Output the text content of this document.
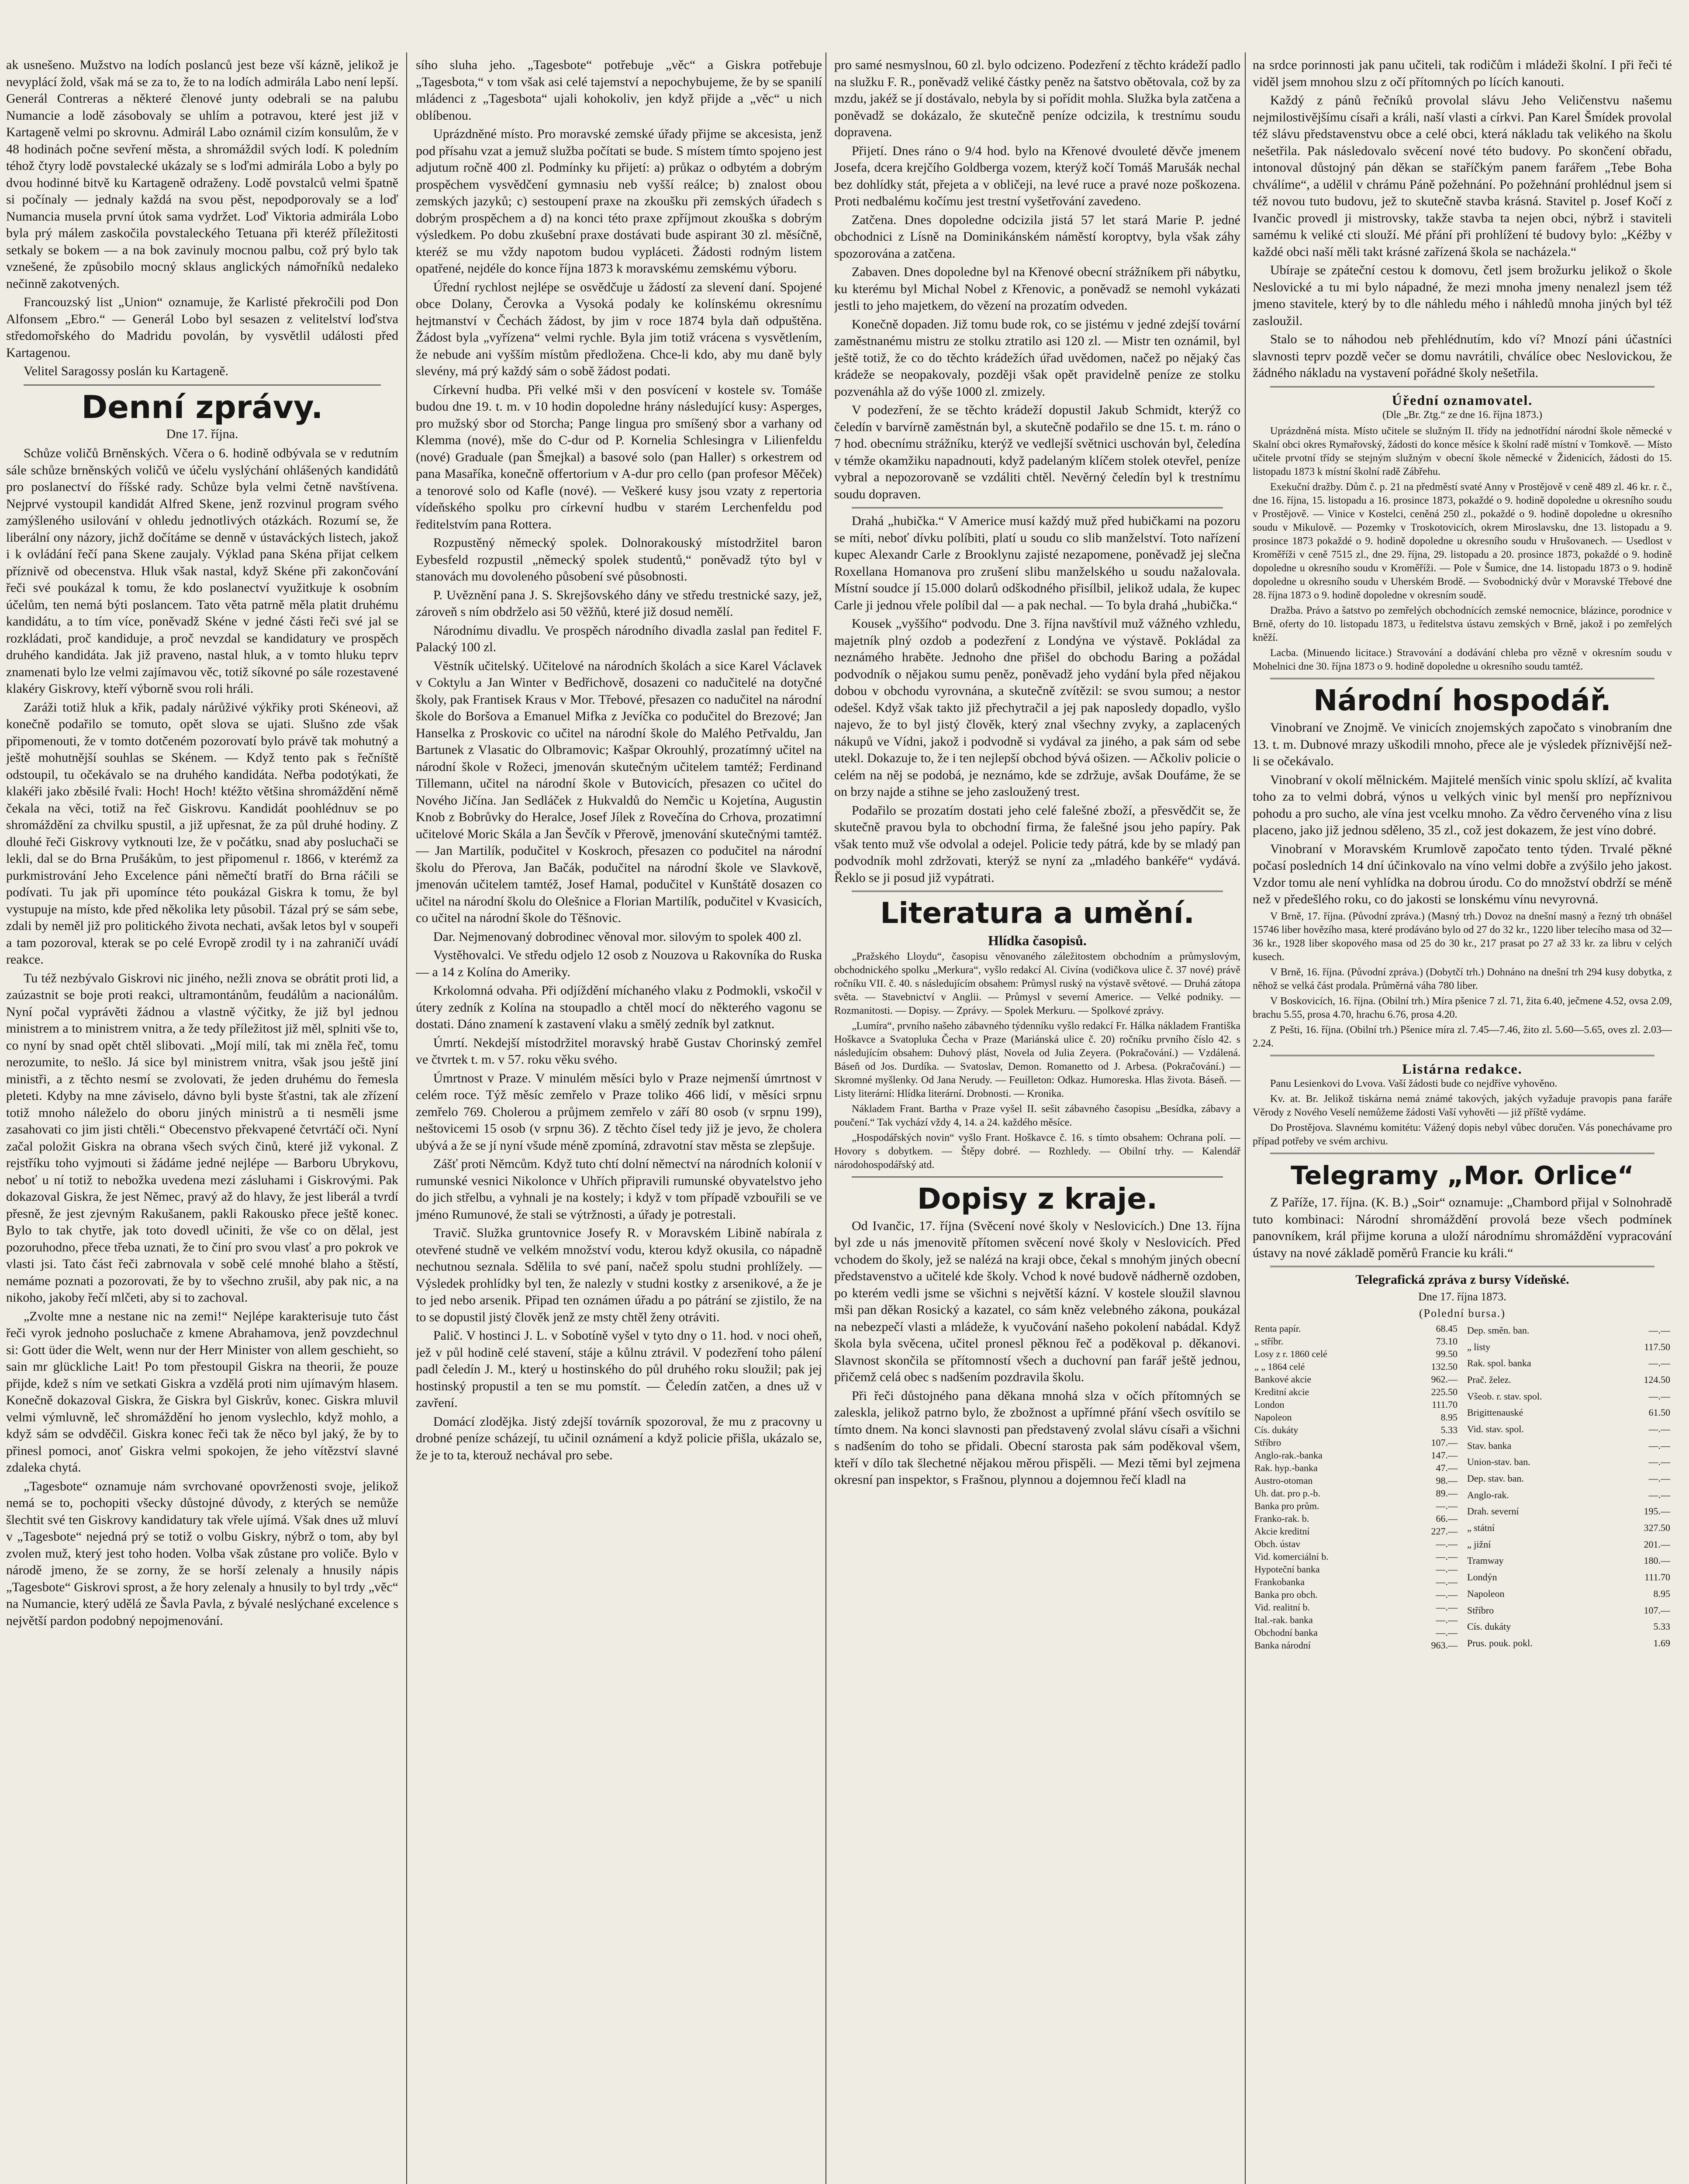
ak usnešeno. Mužstvo na lodích poslanců jest beze vší kázně, jelikož je nevyplácí žold, však má se za to, že to na lodích admirála Labo není lepší. Generál Contreras a některé členové junty odebrali se na palubu Numancie a lodě zásobovaly se uhlím a potravou, které jest již v Kartageně velmi po skrovnu. Admirál Labo oznámil cizím konsulům, že v 48 hodinách počne sevření města, a shromáždil svých lodí. K poledním téhož čtyry lodě povstalecké ukázaly se s loďmi admirála Lobo a byly po dvou hodinné bitvě ku Kartageně odraženy. Lodě povstalců velmi špatně si počínaly — jednaly každá na svou pěst, nepodporovaly se a loď Numancia musela první útok sama vydržet. Loď Viktoria admirála Lobo byla prý málem zaskočila povstaleckého Tetuana při kteréž příležitosti setkaly se bokem — a na bok zavinuly mocnou palbu, což prý bylo tak vznešené, že způsobilo mocný sklaus anglických námořníků nedaleko nečinně zakotvených.

Francouzský list „Union“ oznamuje, že Karlisté překročili pod Don Alfonsem „Ebro.“ — Generál Lobo byl sesazen z velitelství loďstva středomořského do Madridu povolán, by vysvětlil události před Kartagenou.

Velitel Saragossy poslán ku Kartageně.

Denní zprávy.
Dne 17. října.

Schůze voličů Brněnských. Včera o 6. hodině odbývala se v redutním sále schůze brněnských voličů ve účelu vyslýchání ohlášených kandidátů pro poslanectví do říšské rady. Schůze byla velmi četně navštívena. Nejprvé vystoupil kandidát Alfred Skene, jenž rozvinul program svého zamýšleného usilování v ohledu jednotlivých otázkách. Rozumí se, že liberální ony názory, jichž dočítáme se denně v ústaváckých listech, jakož i k ovládání řečí pana Skene zaujaly. Výklad pana Skéna přijat celkem příznivě od obecenstva. Hluk však nastal, když Skéne při zakončování řeči své poukázal k tomu, že kdo poslanectví využitkuje k osobním účelům, ten nemá býti poslancem. Tato věta patrně měla platit druhému kandidátu, a to tím více, poněvadž Skéne v jedné části řeči své jal se rozkládati, proč kandiduje, a proč nevzdal se kandidatury ve prospěch druhého kandidáta. Jak již praveno, nastal hluk, a v tomto hluku teprv znamenati bylo lze velmi zajímavou věc, totiž síkovné po sále rozestavené klakéry Giskrovy, kteří výborně svou roli hráli.

Zaráži totiž hluk a křik, padaly nárůživé výkřiky proti Skéneovi, až konečně podařilo se tomuto, opět slova se ujati. Slušno zde však připomenouti, že v tomto dotčeném pozorovatí bylo právě tak mohutný a ještě mohutnější souhlas se Skénem. — Když tento pak s řečníště odstoupil, tu očekávalo se na druhého kandidáta. Neřba podotýkati, že klakéři jako zběsilé řvali: Hoch! Hoch! ktéžto většina shromáždění němě čekala na věci, totiž na řeč Giskrovu. Kandidát poohlédnuv se po shromáždění za chvilku spustil, a již upřesnat, že za půl druhé hodiny. Z dlouhé řeči Giskrovy vytknouti lze, že v počátku, snad aby posluchači se lekli, dal se do Brna Prušákům, to jest připomenul r. 1866, v kterémž za purkmistrování Jeho Excelence páni němečtí bratří do Brna ráčili se podívati. Tu jak při upomínce této poukázal Giskra k tomu, že byl vystupuje na místo, kde před několika lety působil. Tázal prý se sám sebe, zdali by neměl již pro politického života nechati, avšak letos byl v soupeři a tam pozoroval, kterak se po celé Evropě zrodil ty i na zahraničí uvádí reakce.

Tu též nezbývalo Giskrovi nic jiného, nežli znova se obrátit proti lid, a zaúzastnit se boje proti reakci, ultramontánům, feudálům a nacionálům. Nyní počal vyprávěti žádnou a vlastně výčitky, že již byl jednou ministrem a to ministrem vnitra, a že tedy příležitost již měl, splniti vše to, co nyní by snad opět chtěl slibovati. „Mojí milí, tak mi zněla řeč, tomu nerozumite, to nešlo. Já sice byl ministrem vnitra, však jsou ještě jiní ministři, a z těchto nesmí se zvolovati, že jeden druhému do řemesla pleteti. Kdyby na mne záviselo, dávno byli byste šťastni, tak ale zřízení totiž mnoho náleželo do oboru jiných ministrů a ti nesměli jsme zasahovati co jim jisti chtěli.“ Obecenstvo překvapené četvrtáčí oči. Nyní začal položit Giskra na obrana všech svých činů, které již vykonal. Z rejstříku toho vyjmouti si žádáme jedné nejlépe — Barboru Ubrykovu, neboť u ní totiž to nebožka uvedena mezi zásluhami i Giskrovými. Pak dokazoval Giskra, že jest Němec, pravý až do hlavy, že jest liberál a tvrdí přesně, že jest zjevným Rakušanem, pakli Rakousko přece ještě konec. Bylo to tak chytře, jak toto dovedl učiniti, že vše co on dělal, jest pozoruhodno, přece třeba uznati, že to činí pro svou vlasť a pro pokrok ve vlasti jsi. Tato část řeči zabrnovala v sobě celé mnohé blaho a štěstí, nemáme poznati a pozorovati, že by to všechno zrušil, aby pak nic, a na nikoho, jakoby řečí mlčeti, aby si to zachoval.

„Zvolte mne a nestane nic na zemi!“ Nejlépe karakterisuje tuto část řeči vyrok jednoho posluchače z kmene Abrahamova, jenž povzdechnul si: Gott üder die Welt, wenn nur der Herr Minister von allem geschieht, so sain mr glückliche Lait! Po tom přestoupil Giskra na theorii, že pouze přijde, kdež s ním ve setkati Giskra a vzdělá proti nim ujímavým hlasem. Konečně dokazoval Giskra, že Giskra byl Giskrův, konec. Giskra mluvil velmi výmluvně, leč shromáždění ho jenom vyslechlo, když mohlo, a když sám se odvděčil. Giskra konec řeči tak že něco byl jaký, že by to přinesl pomoci, anoť Giskra velmi spokojen, že jeho vítězství slavné zdaleka chytá.

„Tagesbote“ oznamuje nám svrchované opovrženosti svoje, jelikož nemá se to, pochopiti všecky důstojné důvody, z kterých se nemůže šlechtit své ten Giskrovy kandidatury tak vřele ujímá. Však dnes už mluví v „Tagesbote“ nejedná prý se totiž o volbu Giskry, nýbrž o tom, aby byl zvolen muž, který jest toho hoden. Volba však zůstane pro voliče. Bylo v národě jmeno, že se zorny, že se horší zelenaly a hnusily nápis „Tagesbote“ Giskrovi sprost, a že hory zelenaly a hnusily to byl trdy „věc“ na Numancie, který udělá ze Šavla Pavla, z bývalé neslýchané excelence s největší pardon podobný nepojmenování.

sího sluha jeho. „Tagesbote“ potřebuje „věc“ a Giskra potřebuje „Tagesbota,“ v tom však asi celé tajemství a nepochybujeme, že by se spanilí mládenci z „Tagesbota“ ujali kohokoliv, jen když přijde a „věc“ u nich oblíbenou.

Uprázdněné místo. Pro moravské zemské úřady přijme se akcesista, jenž pod přísahu vzat a jemuž služba počítati se bude. S místem tímto spojeno jest adjutum ročně 400 zl. Podmínky ku přijetí: a) průkaz o odbytém a dobrým prospěchem vysvědčení gymnasiu neb vyšší reálce; b) znalost obou zemských jazyků; c) sestoupení praxe na zkoušku při zemských úřadech s dobrým prospěchem a d) na konci této praxe zpříjmout zkouška s dobrým výsledkem. Po dobu zkušební praxe dostávati bude aspirant 30 zl. měsíčně, kteréž se mu vždy napotom budou vypláceti. Žádosti rodným listem opatřené, nejdéle do konce října 1873 k moravskému zemskému výboru.

Úřední rychlost nejlépe se osvědčuje u žádostí za slevení daní. Spojené obce Dolany, Čerovka a Vysoká podaly ke kolínskému okresnímu hejtmanství v Čechách žádost, by jim v roce 1874 byla daň odpuštěna. Žádost byla „vyřízena“ velmi rychle. Byla jim totiž vrácena s vysvětlením, že nebude ani vyšším místům předložena. Chce-li kdo, aby mu daně byly slevény, má prý každý sám o sobě žádost podati.

Církevní hudba. Při velké mši v den posvícení v kostele sv. Tomáše budou dne 19. t. m. v 10 hodin dopoledne hrány následující kusy: Asperges, pro mužský sbor od Storcha; Pange lingua pro smíšený sbor a varhany od Klemma (nové), mše do C-dur od P. Kornelia Schlesingra v Lilienfeldu (nové) Graduale (pan Šmejkal) a basové solo (pan Haller) s orkestrem od pana Masaříka, konečně offertorium v A-dur pro cello (pan profesor Měček) a tenorové solo od Kafle (nové). — Veškeré kusy jsou vzaty z repertoria vídeňského spolku pro církevní hudbu v starém Lerchenfeldu pod ředitelstvím pana Rottera.

Rozpustěný německý spolek. Dolnorakouský místodržitel baron Eybesfeld rozpustil „německý spolek studentů,“ poněvadž týto byl v stanovách mu dovoleného působení své působnosti.

P. Uvěznění pana J. S. Skrejšovského dány ve středu trestnické sazy, jež, zároveň s ním obdrželo asi 50 věžňů, které již dosud nemělí.

Národnímu divadlu. Ve prospěch národního divadla zaslal pan ředitel F. Palacký 100 zl.

Věstník učitelský. Učitelové na národních školách a sice Karel Václavek v Coktylu a Jan Winter v Bedřichově, dosazeni co nadučitelé na dotyčné školy, pak Frantisek Kraus v Mor. Třebové, přesazen co nadučitel na národní škole do Boršova a Emanuel Mifka z Jevíčka co podučitel do Brezové; Jan Hanselka z Proskovic co učitel na národní škole do Malého Petřvaldu, Jan Bartunek z Vlasatic do Olbramovic; Kašpar Okrouhlý, prozatímný učitel na národní škole v Rožeci, jmenován skutečným učitelem tamtéž; Ferdinand Tillemann, učitel na národní škole v Butovicích, přesazen co učitel do Nového Jičína. Jan Sedláček z Hukvaldů do Nemčic u Kojetína, Augustin Knob z Bobrůvky do Heralce, Josef Jílek z Rovečína do Crhova, prozatimní učitelové Moric Skála a Jan Ševčík v Přerově, jmenování skutečnými tamtéž. — Jan Martilík, podučitel v Koskroch, přesazen co podučitel na národní školu do Přerova, Jan Bačák, podučitel na národní škole ve Slavkově, jmenován učitelem tamtéž, Josef Hamal, podučitel v Kunštátě dosazen co učitel na národní školu do Olešnice a Florian Martilík, podučitel v Kvasicích, co učitel na národní škole do Těšnovic.

Dar. Nejmenovaný dobrodinec věnoval mor. silovým to spolek 400 zl.

Vystěhovalci. Ve středu odjelo 12 osob z Nouzova u Rakovníka do Ruska — a 14 z Kolína do Ameriky.

Krkolomná odvaha. Při odjíždění míchaného vlaku z Podmokli, vskočil v útery zedník z Kolína na stoupadlo a chtěl mocí do některého vagonu se dostati. Dáno znamení k zastavení vlaku a smělý zedník byl zatknut.

Úmrtí. Nekdejší místodržitel moravský hrabě Gustav Chorinský zemřel ve čtvrtek t. m. v 57. roku věku svého.

Úmrtnost v Praze. V minulém měsíci bylo v Praze nejmenší úmrtnost v celém roce. Týž měsíc zemřelo v Praze toliko 466 lidí, v měsíci srpnu zemřelo 769. Cholerou a průjmem zemřelo v září 80 osob (v srpnu 199), neštovicemi 15 osob (v srpnu 36). Z těchto čísel tedy již je jevo, že cholera ubývá a že se jí nyní všude méně zpomíná, zdravotní stav města se zlepšuje.

Zášť proti Němcům. Když tuto chtí dolní němectví na národních kolonií v rumunské vesnici Nikolonce v Uhřích připravili rumunské obyvatelstvo jeho do jich střelbu, a vyhnali je na kostely; i když v tom případě vzbouřili se ve jméno Rumunové, že stali se výtržnosti, a úřady je potrestali.

Travič. Služka gruntovnice Josefy R. v Moravském Libině nabírala z otevřené studně ve velkém množství vodu, kterou když okusila, co nápadně nechutnou seznala. Sdělila to své paní, načež spolu studni prohlížely. — Výsledek prohlídky byl ten, že nalezly v studni kostky z arsenikové, a že je to jed nebo arsenik. Připad ten oznámen úřadu a po pátrání se zjistilo, že na to se dopustil jistý člověk jenž ze msty chtěl ženy otráviti.

Palič. V hostinci J. L. v Sobotíně vyšel v tyto dny o 11. hod. v noci oheň, jež v půl hodině celé stavení, stáje a kůlnu ztrávil. V podezření toho pálení padl čeledín J. M., který u hostinského do půl druhého roku sloužil; pak jej hostinský propustil a ten se mu pomstít. — Čeledín zatčen, a dnes už v zavření.

Domácí zlodějka. Jistý zdejší továrník spozoroval, že mu z pracovny u drobné peníze scházejí, tu učinil oznámení a když policie přišla, ukázalo se, že je to ta, kterouž nechával pro sebe.

pro samé nesmyslnou, 60 zl. bylo odcizeno. Podezření z těchto krádeží padlo na služku F. R., poněvadž veliké částky peněz na šatstvo obětovala, což by za mzdu, jakéž se jí dostávalo, nebyla by si pořídit mohla. Služka byla zatčena a poněvadž se dokázalo, že skutečně peníze odcizila, k trestnímu soudu dopravena.

Přijetí. Dnes ráno o 9/4 hod. bylo na Křenové dvouleté děvče jmenem Josefa, dcera krejčího Goldberga vozem, kterýž kočí Tomáš Marušák nechal bez dohlídky stát, přejeta a v obličeji, na levé ruce a pravé noze poškozena. Proti nedbalému kočímu jest trestní vyšetřování zavedeno.

Zatčena. Dnes dopoledne odcizila jistá 57 let stará Marie P. jedné obchodnici z Lísně na Dominikánském náměstí koroptvy, byla však záhy spozorována a zatčena.

Zabaven. Dnes dopoledne byl na Křenové obecní strážníkem při nábytku, ku kterému byl Michal Nobel z Křenovic, a poněvadž se nemohl vykázati jestli to jeho majetkem, do vězení na prozatím odveden.

Konečně dopaden. Již tomu bude rok, co se jistému v jedné zdejší tovární zaměstnanému mistru ze stolku ztratilo asi 120 zl. — Mistr ten oznámil, byl ještě totiž, že co do těchto krádežích úřad uvědomen, načež po nějaký čas krádeže se neopakovaly, později však opět pravidelně peníze ze stolku pozvenáhla až do výše 1000 zl. zmizely.

V podezření, že se těchto krádeží dopustil Jakub Schmidt, kterýž co čeledín v barvírně zaměstnán byl, a skutečně podařilo se dne 15. t. m. ráno o 7 hod. obecnímu strážníku, kterýž ve vedlejší světnici uschován byl, čeledína v témže okamžiku napadnouti, když padelaným klíčem stolek otevřel, peníze vybral a nepozorovaně se vzdáliti chtěl. Nevěrný čeledín byl k trestnímu soudu dopraven.

Drahá „hubička.“ V Americe musí každý muž před hubičkami na pozoru se míti, neboť dívku políbiti, platí u soudu co slib manželství. Toto nařízení kupec Alexandr Carle z Brooklynu zajisté nezapomene, poněvadž jej slečna Roxellana Homanova pro zrušení slibu manželského u soudu nažalovala. Místní soudce jí 15.000 dolarů odškodného přisílbil, jelikož udala, že kupec Carle ji jednou vřele políbil dal — a pak nechal. — To byla drahá „hubička.“

Kousek „vyššího“ podvodu. Dne 3. října navštívil muž vážného vzhledu, majetník plný ozdob a podezření z Londýna ve výstavě. Pokládal za neznámého hraběte. Jednoho dne přišel do obchodu Baring a požádal podvodník o nějakou sumu peněz, poněvadž jeho vydání byla před nějakou dobou v obchodu vyrovnána, a skutečně zvítězil: se svou sumou; a nestor odešel. Když však takto již přechytračil a jej pak naposledy dopadlo, vyšlo najevo, že to byl jistý člověk, který znal všechny zvyky, a zaplacených nákupů ve Vídni, jakož i podvodně si vydával za jiného, a pak sám od sebe utekl. Dokazuje to, že i ten nejlepší obchod bývá ošizen. — Ačkoliv policie o celém na něj se podobá, je neznámo, kde se zdržuje, avšak Doufáme, že se on brzy najde a stihne se jeho zasloužený trest.

Podařilo se prozatím dostati jeho celé falešné zboží, a přesvědčit se, že skutečně pravou byla to obchodní firma, že falešné jsou jeho papíry. Pak však tento muž vše odvolal a odejel. Policie tedy pátrá, kde by se mladý pan podvodník mohl zdržovati, kterýž se nyní za „mladého bankéře“ vydává. Řeklo se ji posud již vypátrati.

Literatura a umění.
Hlídka časopisů.

„Pražského Lloydu“, časopisu věnovaného záležitostem obchodním a průmyslovým, obchodnického spolku „Merkura“, vyšlo redakcí Al. Civína (vodičkova ulice č. 37 nové) právě ročníku VII. č. 40. s následujícím obsahem: Průmysl ruský na výstavě světové. — Druhá zátopa světa. — Stavebnictví v Anglii. — Průmysl v severní Americe. — Velké podniky. — Rozmanitosti. — Dopisy. — Zprávy. — Spolek Merkuru. — Spolkové zprávy.

„Lumíra“, prvního našeho zábavného týdenníku vyšlo redakcí Fr. Hálka nákladem Františka Hoškavce a Svatopluka Čecha v Praze (Mariánská ulice č. 20) ročníku prvního číslo 42. s následujícím obsahem: Duhový plást, Novela od Julia Zeyera. (Pokračování.) — Vzdálená. Báseň od Jos. Durdíka. — Svatoslav, Demon. Romanetto od J. Arbesa. (Pokračování.) — Skromné myšlenky. Od Jana Nerudy. — Feuilleton: Odkaz. Humoreska. Hlas života. Báseň. — Listy literární: Hlídka literární. Drobnosti. — Kronika.

Nákladem Frant. Bartha v Praze vyšel II. sešit zábavného časopisu „Besídka, zábavy a poučení.“ Tak vychází vždy 4, 14. a 24. každého měsíce.

„Hospodářských novin“ vyšlo Frant. Hoškavce č. 16. s tímto obsahem: Ochrana polí. — Hovory s dobytkem. — Štěpy dobré. — Rozhledy. — Obilní trhy. — Kalendář národohospodářský atd.

Dopisy z kraje.

Od Ivančic, 17. října (Svěcení nové školy v Neslovicích.) Dne 13. října byl zde u nás jmenovitě přítomen svěcení nové školy v Neslovicích. Před vchodem do školy, jež se nalézá na kraji obce, čekal s mnohým jiných obecní představenstvo a učitelé kde školy. Vchod k nové budově nádherně ozdoben, po kterém vedli jsme se všichni s největší kázní. V kostele sloužil slavnou mši pan děkan Rosický a kazatel, co sám kněz velebného zákona, poukázal na nebezpečí vlasti a mládeže, k vyučování našeho pokolení nabádal. Když škola byla svěcena, učitel pronesl pěknou řeč a poděkoval p. děkanovi. Slavnost skončila se přítomností všech a duchovní pan farář ještě jednou, přičemž celá obec s nadšením pozdravila školu.

Při řeči důstojného pana děkana mnohá slza v očích přítomných se zaleskla, jelikož patrno bylo, že zbožnost a upřímné přání všech osvítilo se tímto dnem. Na konci slavnosti pan představený zvolal slávu císaři a všichni s nadšením do toho se přidali. Obecní starosta pak sám poděkoval všem, kteří v dílo tak šlechetné nějakou měrou přispěli. — Mezi těmi byl zejmena okresní pan inspektor, s Frašnou, plynnou a dojemnou řečí kladl na

na srdce porinnosti jak panu učiteli, tak rodičům i mládeži školní. I při řeči té viděl jsem mnohou slzu z očí přítomných po lících kanouti.

Každý z pánů řečníků provolal slávu Jeho Veličenstvu našemu nejmilostivějšímu císaři a králi, naší vlasti a církvi. Pan Karel Šmídek provolal též slávu představenstvu obce a celé obci, která nákladu tak velikého na školu nešetřila. Pak následovalo svěcení nové této budovy. Po skončení obřadu, intonoval důstojný pán děkan se staříčkým panem farářem „Tebe Boha chválíme“, a udělil v chrámu Páně požehnání. Po požehnání prohlédnul jsem si též novou tuto budovu, jež to skutečně stavba krásná. Stavitel p. Josef Kočí z Ivančic provedl ji mistrovsky, takže stavba ta nejen obci, nýbrž i staviteli samému k veliké cti slouží. Mé přání při prohlížení té budovy bylo: „Kéžby v každé obci naší měli takt krásné zařízená škola se nacházela.“

Ubíraje se zpáteční cestou k domovu, četl jsem brožurku jelikož o škole Neslovické a tu mi bylo nápadné, že mezi mnoha jmeny nenalezl jsem též jmeno stavitele, který by to dle náhledu mého i náhledů mnoha jiných byl též zasloužil.

Stalo se to náhodou neb přehlédnutím, kdo ví? Mnozí páni účastníci slavnosti teprv pozdě večer se domu navrátili, chválíce obec Neslovickou, že žádného nákladu na vystavení pořádné školy nešetřila.

Úřední oznamovatel.
(Dle „Br. Ztg.“ ze dne 16. října 1873.)

Uprázdněná místa. Místo učitele se služným II. třídy na jednotřídní národní škole německé v Skalní obci okres Rymařovský, žádosti do konce měsíce k školní radě místní v Tomkově. — Místo učitele prvotní třídy se stejným služným v obecní škole německé v Židenicích, žádosti do 15. listopadu 1873 k místní školní radě Zábřehu.

Exekuční dražby. Dům č. p. 21 na předměstí svaté Anny v Prostějově v ceně 489 zl. 46 kr. r. č., dne 16. října, 15. listopadu a 16. prosince 1873, pokaždé o 9. hodině dopoledne u okresního soudu v Prostějově. — Vinice v Kostelci, ceněná 250 zl., pokaždé o 9. hodině dopoledne u okresního soudu v Mikulově. — Pozemky v Troskotovicích, okrem Miroslavsku, dne 13. listopadu a 9. prosince 1873 pokaždé o 9. hodině dopoledne u okresního soudu v Hrušovanech. — Usedlost v Kroměříži v ceně 7515 zl., dne 29. října, 29. listopadu a 20. prosince 1873, pokaždé o 9. hodině dopoledne u okresního soudu v Kroměříži. — Pole v Šumice, dne 14. listopadu 1873 o 9. hodině dopoledne u okresního soudu v Uherském Brodě. — Svobodnický dvůr v Moravské Třebové dne 28. října 1873 o 9. hodině dopoledne v okresním soudě.

Dražba. Právo a šatstvo po zemřelých obchodnících zemské nemocnice, blázince, porodnice v Brně, oferty do 10. listopadu 1873, u ředitelstva ústavu zemských v Brně, jakož i po zemřelých kněží.

Lacba. (Minuendo licitace.) Stravování a dodávání chleba pro vězně v okresním soudu v Mohelnici dne 30. října 1873 o 9. hodině dopoledne u okresního soudu tamtéž.

Národní hospodář.

Vinobraní ve Znojmě. Ve vinicích znojemských započato s vinobraním dne 13. t. m. Dubnové mrazy uškodili mnoho, přece ale je výsledek příznivější než-li se očekávalo.

Vinobraní v okolí mělnickém. Majitelé menších vinic spolu sklízí, ač kvalita toho za to velmi dobrá, výnos u velkých vinic byl menší pro nepříznivou pohodu a pro sucho, ale vína jest vcelku mnoho. Za vědro červeného vína z lisu placeno, jako již jednou sděleno, 35 zl., což jest dokazem, že jest víno dobré.

Vinobraní v Moravském Krumlově započato tento týden. Trvalé pěkné počasí posledních 14 dní účinkovalo na víno velmi dobře a zvýšilo jeho jakost. Vzdor tomu ale není vyhlídka na dobrou úrodu. Co do množství obdrží se méně než v předešlého roku, co do jakosti se lonskému vínu nevyrovná.

V Brně, 17. října. (Původní zpráva.) (Masný trh.) Dovoz na dnešní masný a řezný trh obnášel 15746 liber hovězího masa, které prodáváno bylo od 27 do 32 kr., 1220 liber telecího masa od 32—36 kr., 1928 liber skopového masa od 25 do 30 kr., 217 prasat po 27 až 33 kr. za libru v celých kusech.

V Brně, 16. října. (Původní zpráva.) (Dobytčí trh.) Dohnáno na dnešní trh 294 kusy dobytka, z něhož se velká část prodala. Průměrná váha 780 liber.

V Boskovicích, 16. října. (Obilní trh.) Míra pšenice 7 zl. 71, žita 6.40, ječmene 4.52, ovsa 2.09, brachu 5.55, prosa 4.70, hrachu 6.76, prosa 4.20.

Z Pešti, 16. října. (Obilní trh.) Pšenice míra zl. 7.45—7.46, žito zl. 5.60—5.65, oves zl. 2.03—2.24.

Listárna redakce.

Panu Lesienkovi do Lvova. Vaší žádosti bude co nejdříve vyhověno.

Kv. at. Br. Jelikož tiskárna nemá známé takových, jakých vyžaduje pravopis pana faráře Věrody z Nového Veselí nemůžeme žádosti Vaší vyhověti — již příště vydáme.

Do Prostějova. Slavnému komitétu: Vážený dopis nebyl vůbec doručen. Vás ponechávame pro případ potřeby ve svém archivu.

Telegramy „Mor. Orlice“

Z Paříže, 17. října. (K. B.) „Soir“ oznamuje: „Chambord přijal v Solnohradě tuto kombinaci: Národní shromáždění provolá beze všech podmínek panovníkem, král přijme koruna a uloží národnímu shromáždění vypracování ústavy na nové základě poměrů Francie ku králi.“

Telegrafická zpráva z bursy Vídeňské.
Dne 17. října 1873.
(Polední bursa.)
Renta papír.	68.45
„ stříbr.	73.10
Losy z r. 1860 celé	99.50
„ „ 1864 celé	132.50
Bankové akcie	962.—
Kreditní akcie	225.50
London	111.70
Napoleon	8.95
Cís. dukáty	5.33
Stříbro	107.—
Anglo-rak.-banka	147.—
Rak. hyp.-banka	47.—
Austro-otoman	98.—
Uh. dat. pro p.-b.	89.—
Banka pro prům.	—.—
Franko-rak. b.	66.—
Akcie kreditní	227.—
Obch. ústav	—.—
Vid. komerciální b.	—.—
Hypoteční banka	—.—
Frankobanka	—.—
Banka pro obch.	—.—
Vid. realitní b.	—.—
Ital.-rak. banka	—.—
Obchodní banka	—.—
Banka národní	963.—
Dep. směn. ban.	—.—
„ listy	117.50
Rak. spol. banka	—.—
Prač. želez.	124.50
Všeob. r. stav. spol.	—.—
Brigittenauské	61.50
Vid. stav. spol.	—.—
Stav. banka	—.—
Union-stav. ban.	—.—
Dep. stav. ban.	—.—
Anglo-rak.	—.—
Drah. severní	195.—
„ státní	327.50
„ jižní	201.—
Tramway	180.—
Londýn	111.70
Napoleon	8.95
Stříbro	107.—
Cís. dukáty	5.33
Prus. pouk. pokl.	1.69
